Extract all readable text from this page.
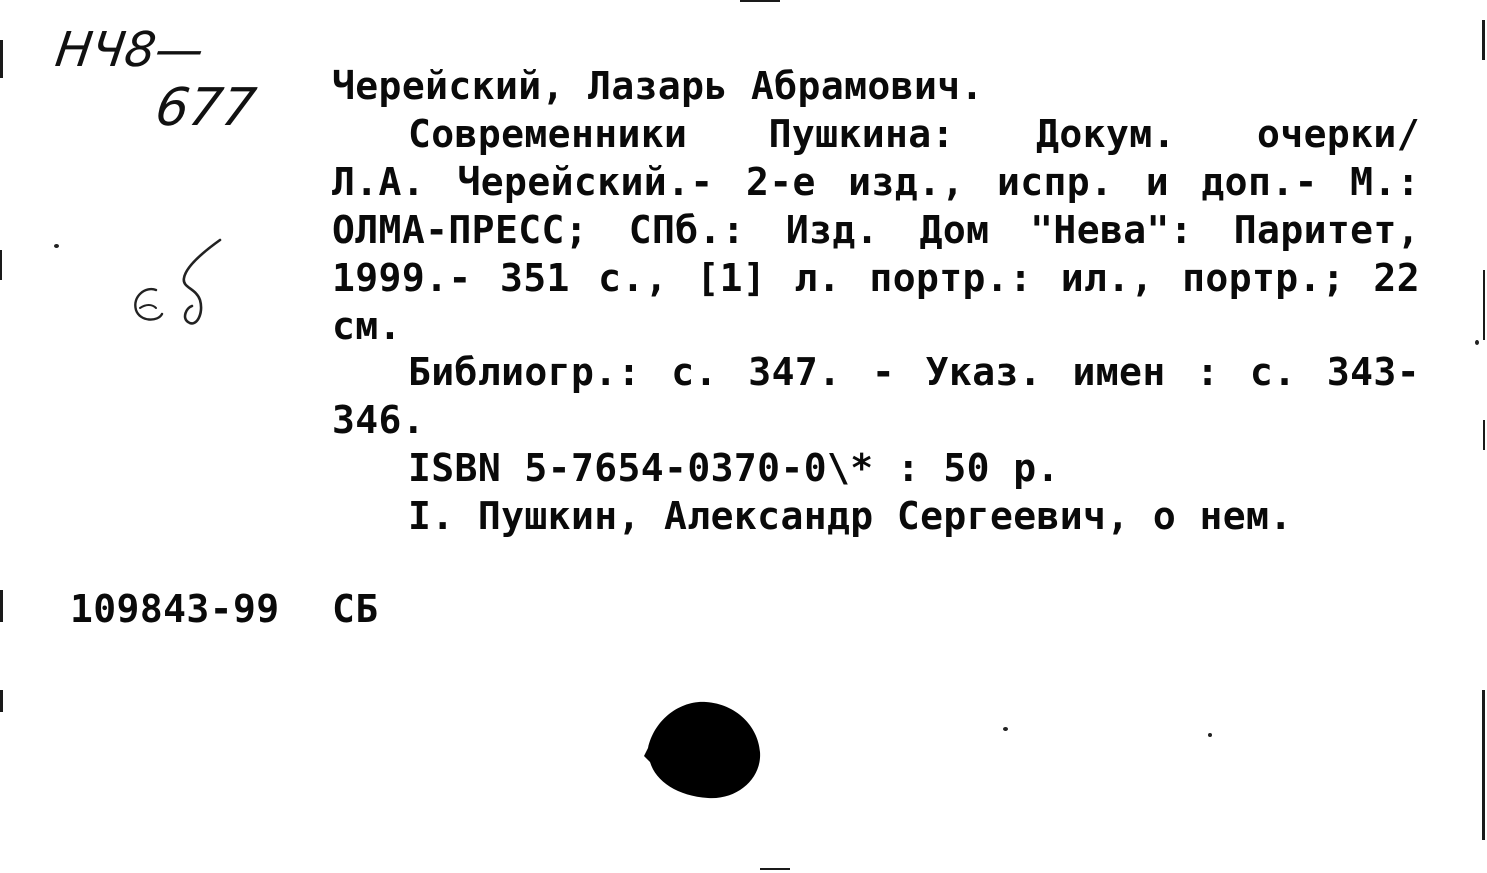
НЧ8—
677 Черейский, Лазарь Абрамович.
Современники Пушкина: Докум. очерки/
Л.А. Черейский.- 2-е изд., испр. и доп.- М.:
ОЛМА-ПРЕСС; СПб.: Изд. Дом "Нева": Паритет,
1999.- 351 с., [1] л. портр.: ил., портр.; 22
см.
Библиогр.: с. 347. - Указ. имен : с. 343-
346.
ISBN 5-7654-0370-0\* : 50 р.
I. Пушкин, Александр Сергеевич, о нем.
109843-99 СБ
